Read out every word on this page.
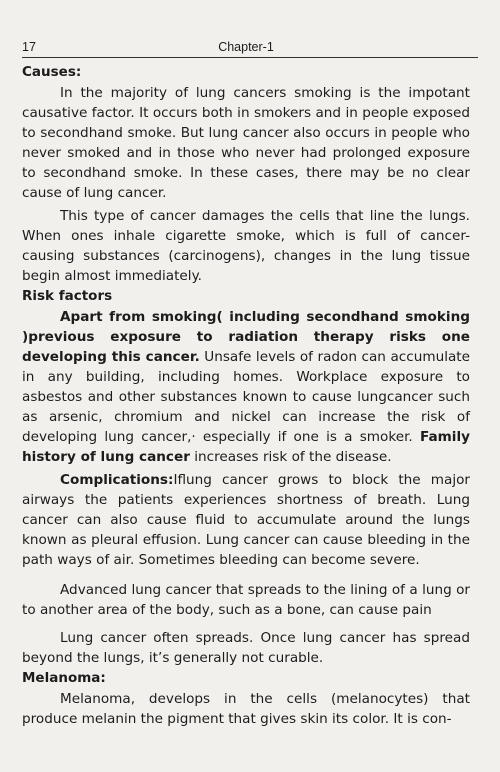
17	Chapter-1
Causes:

In the majority of lung cancers smoking is the impotant causative factor. It occurs both in smokers and in people exposed to secondhand smoke. But lung cancer also occurs in people who never smoked and in those who never had prolonged exposure to secondhand smoke. In these cases, there may be no clear cause of lung cancer.

This type of cancer damages the cells that line the lungs. When ones inhale cigarette smoke, which is full of cancer-causing substances (carcinogens), changes in the lung tissue begin almost immediately.

Risk factors

Apart from smoking( including secondhand smoking )previous exposure to radiation therapy risks one developing this cancer. Unsafe levels of radon can accumulate in any building, including homes. Workplace exposure to asbestos and other substances known to cause lungcancer such as arsenic, chromium and nickel can increase the risk of developing lung cancer,· especially if one is a smoker. Family history of lung cancer increases risk of the disease.

Complications:Iflung cancer grows to block the major airways the patients experiences shortness of breath. Lung cancer can also cause fluid to accumulate around the lungs known as pleural effusion. Lung cancer can cause bleeding in the path ways of air. Sometimes bleeding can become severe.

Advanced lung cancer that spreads to the lining of a lung or to another area of the body, such as a bone, can cause pain

Lung cancer often spreads. Once lung cancer has spread beyond the lungs, it’s generally not curable.

Melanoma:

Melanoma, develops in the cells (melanocytes) that produce melanin the pigment that gives skin its color. It is con-
